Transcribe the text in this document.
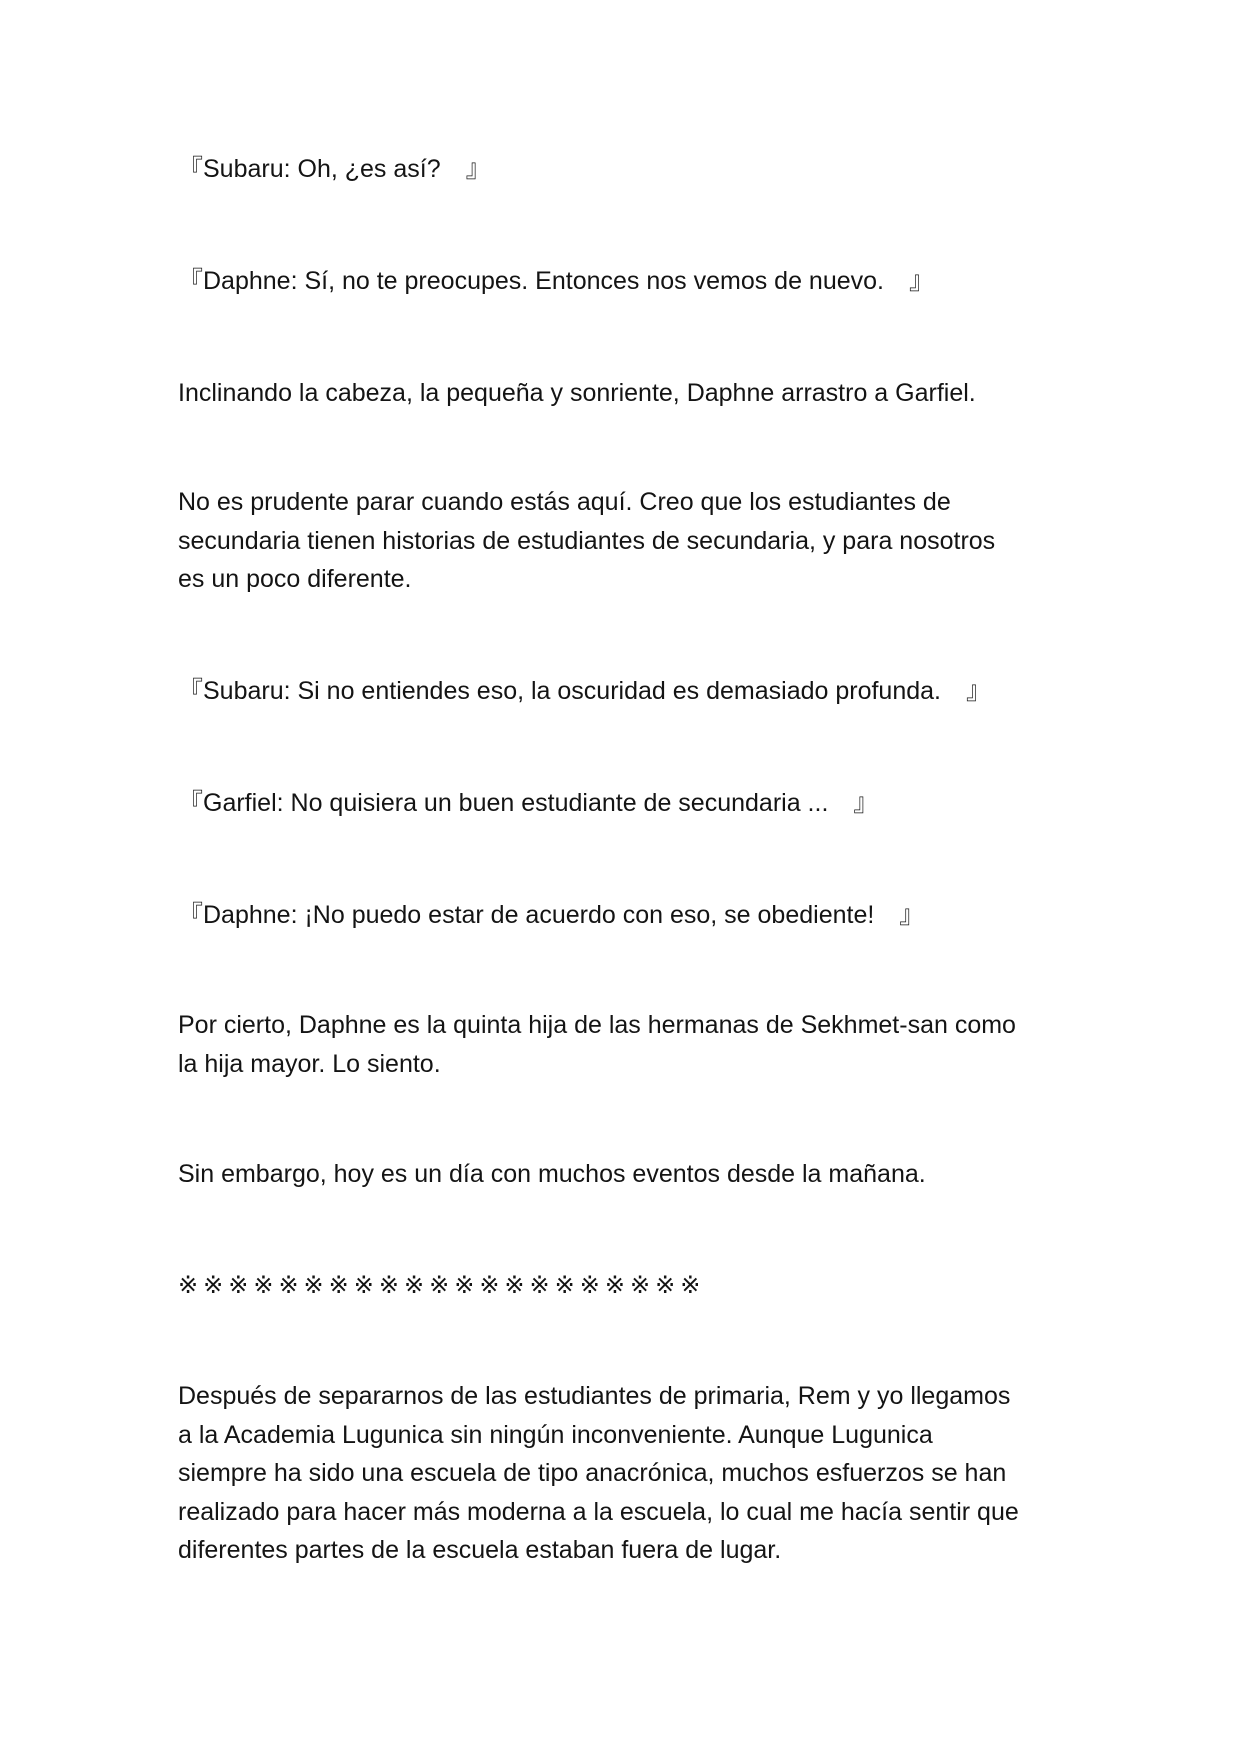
『Subaru: Oh, ¿es así?　』

『Daphne: Sí, no te preocupes. Entonces nos vemos de nuevo.　』

Inclinando la cabeza, la pequeña y sonriente, Daphne arrastro a Garfiel.

No es prudente parar cuando estás aquí. Creo que los estudiantes de
secundaria tienen historias de estudiantes de secundaria, y para nosotros
es un poco diferente.

『Subaru: Si no entiendes eso, la oscuridad es demasiado profunda.　』

『Garfiel: No quisiera un buen estudiante de secundaria ...　』

『Daphne: ¡No puedo estar de acuerdo con eso, se obediente!　』

Por cierto, Daphne es la quinta hija de las hermanas de Sekhmet-san como
la hija mayor. Lo siento.

Sin embargo, hoy es un día con muchos eventos desde la mañana.

※※※※※※※※※※※※※※※※※※※※※

Después de separarnos de las estudiantes de primaria, Rem y yo llegamos
a la Academia Lugunica sin ningún inconveniente. Aunque Lugunica
siempre ha sido una escuela de tipo anacrónica, muchos esfuerzos se han
realizado para hacer más moderna a la escuela, lo cual me hacía sentir que
diferentes partes de la escuela estaban fuera de lugar.
